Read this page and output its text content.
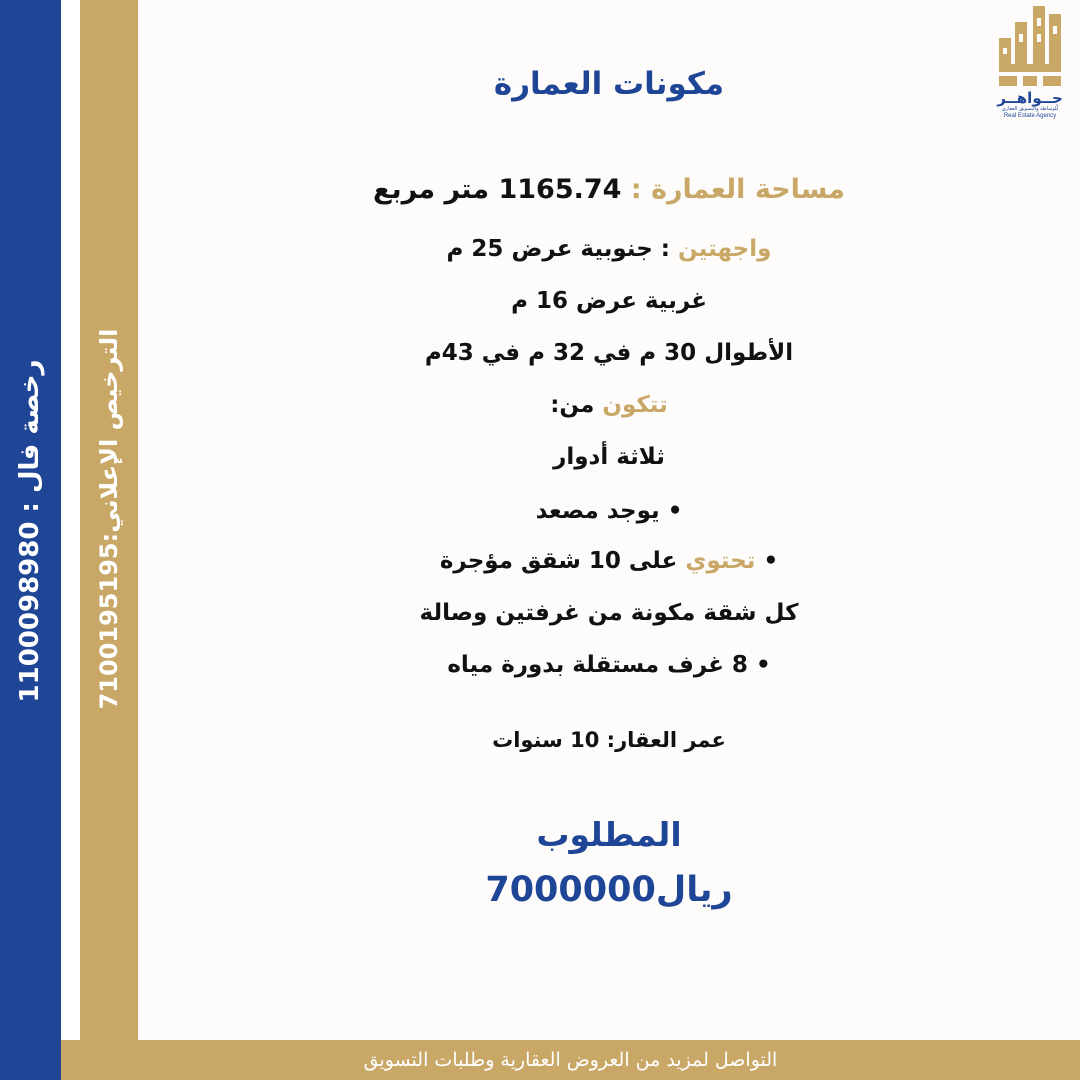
رخصة فال : 1100098980
الترخيص الإعلاني:7100195195
التواصل لمزيد من العروض العقارية وطلبات التسويق
جــواهــر
للوساطة والتسويق العقاري
Real Estate Agency
مكونات العمارة
مساحة العمارة : 1165.74 متر مربع
واجهتين : جنوبية عرض 25 م
غربية عرض 16 م
الأطوال 30 م في 32 م في 43م
تتكون من:
ثلاثة أدوار
• يوجد مصعد
• تحتوي على 10 شقق مؤجرة
كل شقة مكونة من غرفتين وصالة
• 8 غرف مستقلة بدورة مياه
عمر العقار: 10 سنوات
المطلوب
ريال7000000
